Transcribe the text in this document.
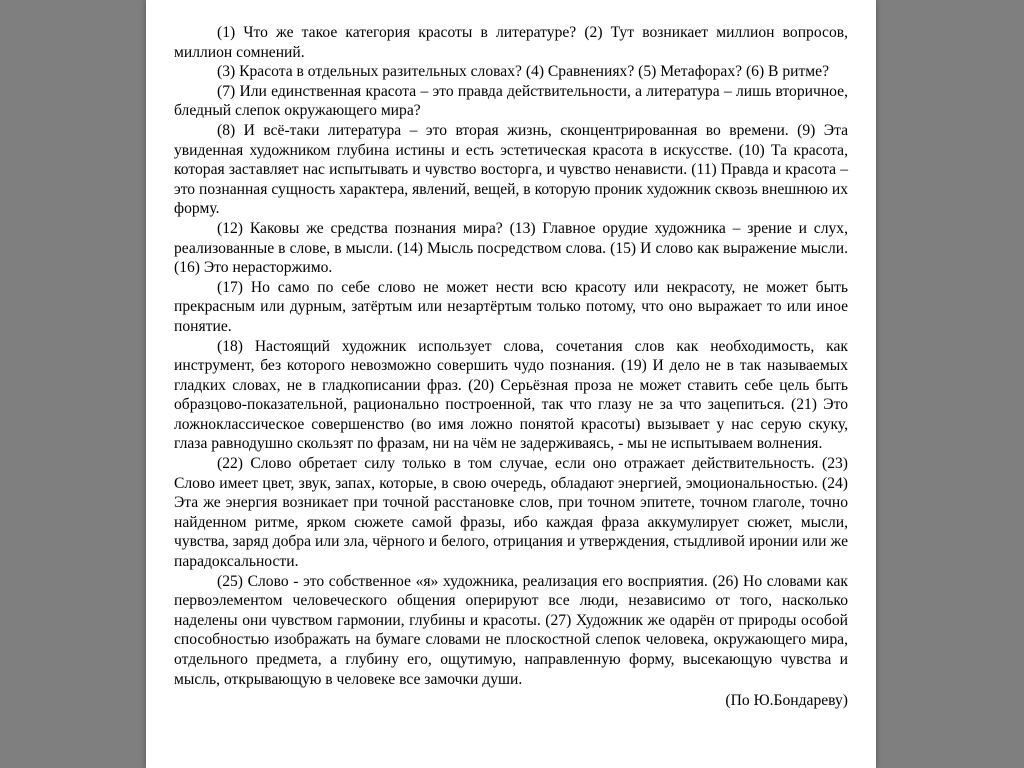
(1) Что же такое категория красоты в литературе? (2) Тут возникает миллион вопросов, миллион сомнений.

(3) Красота в отдельных разительных словах? (4) Сравнениях? (5) Метафорах? (6) В ритме?

(7) Или единственная красота – это правда действительности, а литература – лишь вторичное, бледный слепок окружающего мира?

(8) И всё-таки литература – это вторая жизнь, сконцентрированная во времени. (9) Эта увиденная художником глубина истины и есть эстетическая красота в искусстве. (10) Та красота, которая заставляет нас испытывать и чувство восторга, и чувство ненависти. (11) Правда и красота – это познанная сущность характера, явлений, вещей, в которую проник художник сквозь внешнюю их форму.

(12) Каковы же средства познания мира? (13) Главное орудие художника – зрение и слух, реализованные в слове, в мысли. (14) Мысль посредством слова. (15) И слово как выражение мысли. (16) Это нерасторжимо.

(17) Но само по себе слово не может нести всю красоту или некрасоту, не может быть прекрасным или дурным, затёртым или незартёртым только потому, что оно выражает то или иное понятие.

(18) Настоящий художник использует слова, сочетания слов как необходимость, как инструмент, без которого невозможно совершить чудо познания. (19) И дело не в так называемых гладких словах, не в гладкописании фраз. (20) Серьёзная проза не может ставить себе цель быть образцово-показательной, рационально построенной, так что глазу не за что зацепиться. (21) Это ложноклассическое совершенство (во имя ложно понятой красоты) вызывает у нас серую скуку, глаза равнодушно скользят по фразам, ни на чём не задерживаясь, - мы не испытываем волнения.

(22) Слово обретает силу только в том случае, если оно отражает действительность. (23) Слово имеет цвет, звук, запах, которые, в свою очередь, обладают энергией, эмоциональностью. (24) Эта же энергия возникает при точной расстановке слов, при точном эпитете, точном глаголе, точно найденном ритме, ярком сюжете самой фразы, ибо каждая фраза аккумулирует сюжет, мысли, чувства, заряд добра или зла, чёрного и белого, отрицания и утверждения, стыдливой иронии или же парадоксальности.

(25) Слово - это собственное «я» художника, реализация его восприятия. (26) Но словами как первоэлементом человеческого общения оперируют все люди, независимо от того, насколько наделены они чувством гармонии, глубины и красоты. (27) Художник же одарён от природы особой способностью изображать на бумаге словами не плоскостной слепок человека, окружающего мира, отдельного предмета, а глубину его, ощутимую, направленную форму, высекающую чувства и мысль, открывающую в человеке все замочки души.

(По Ю.Бондареву)
